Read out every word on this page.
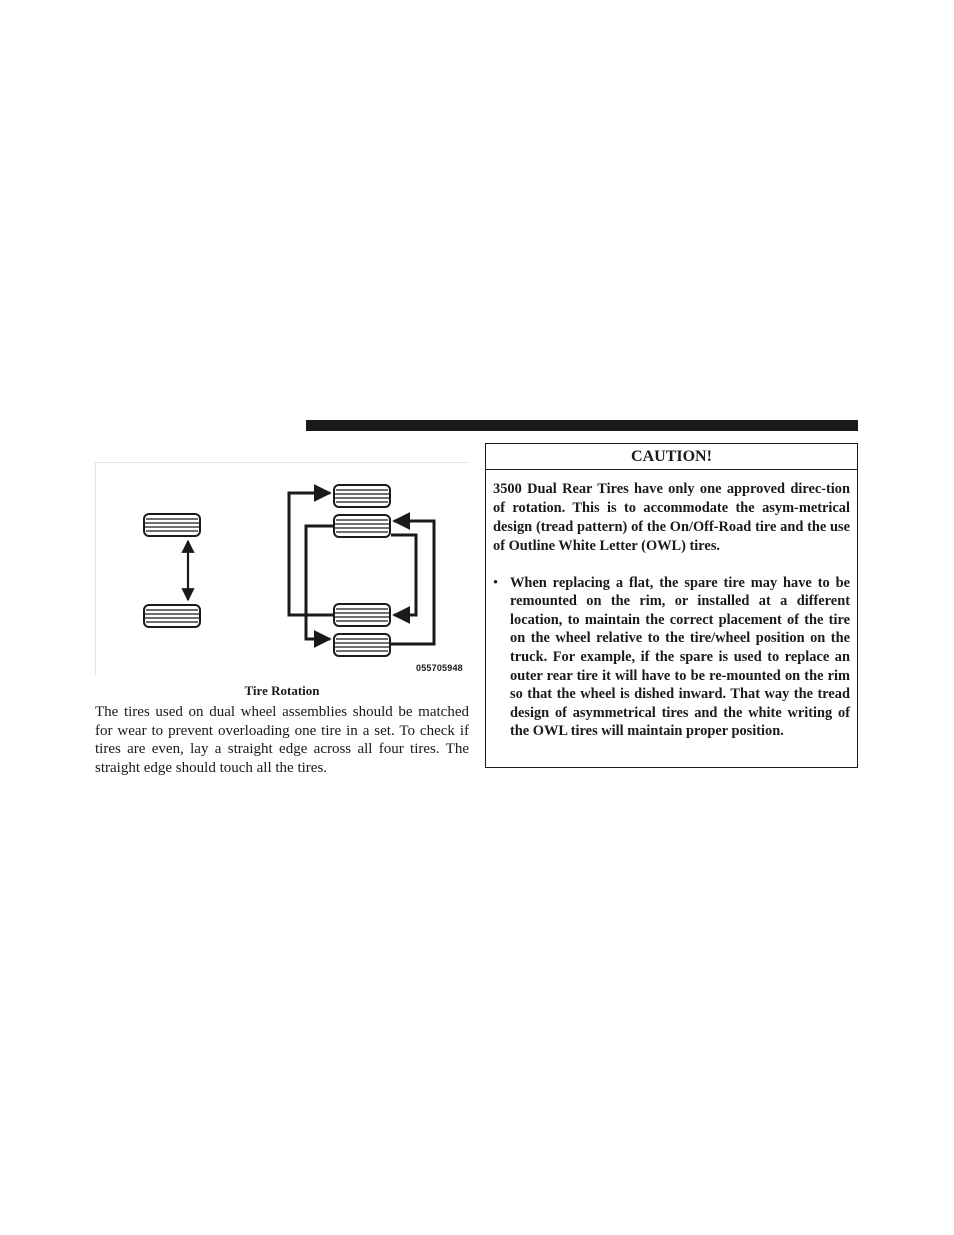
055705948
Tire Rotation

The tires used on dual wheel assemblies should be matched for wear to prevent overloading one tire in a set. To check if tires are even, lay a straight edge across all four tires. The straight edge should touch all the tires.

CAUTION!

3500 Dual Rear Tires have only one approved direc-tion of rotation. This is to accommodate the asym-metrical design (tread pattern) of the On/Off-Road tire and the use of Outline White Letter (OWL) tires.

• When replacing a flat, the spare tire may have to be remounted on the rim, or installed at a different location, to maintain the correct placement of the tire on the wheel relative to the tire/wheel position on the truck. For example, if the spare is used to replace an outer rear tire it will have to be re-mounted on the rim so that the wheel is dished inward. That way the tread design of asymmetrical tires and the white writing of the OWL tires will maintain proper position.
